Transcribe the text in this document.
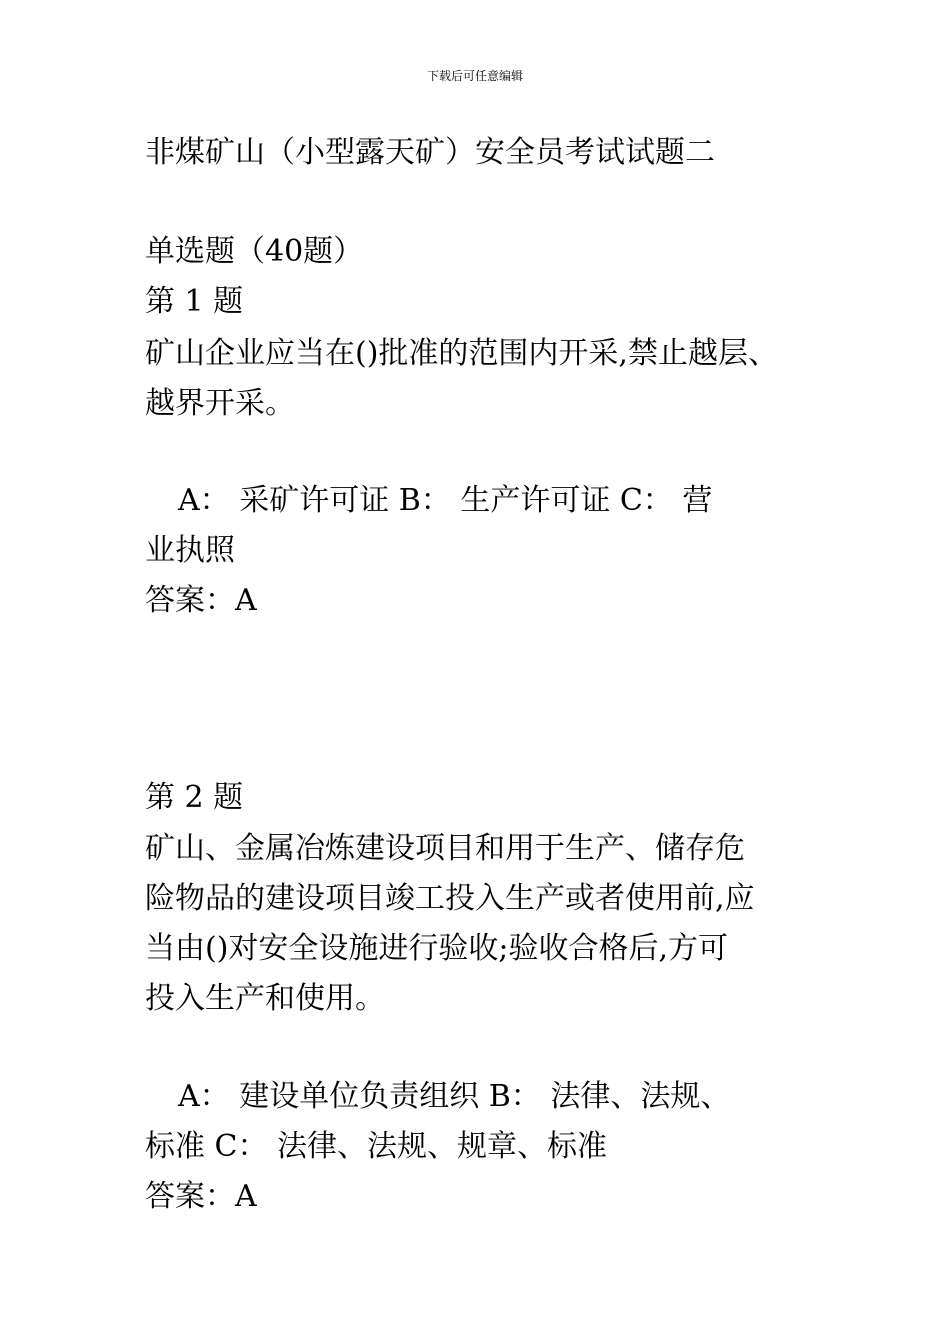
下载后可任意编辑
非煤矿山（小型露天矿）安全员考试试题二
单选题（40题）
第 1 题
矿山企业应当在()批准的范围内开采,禁止越层、
越界开采。
A： 采矿许可证 B： 生产许可证 C： 营
业执照
答案：A
第 2 题
矿山、金属冶炼建设项目和用于生产、储存危
险物品的建设项目竣工投入生产或者使用前,应
当由()对安全设施进行验收;验收合格后,方可
投入生产和使用。
A： 建设单位负责组织 B： 法律、法规、
标准 C： 法律、法规、规章、标准
答案：A
